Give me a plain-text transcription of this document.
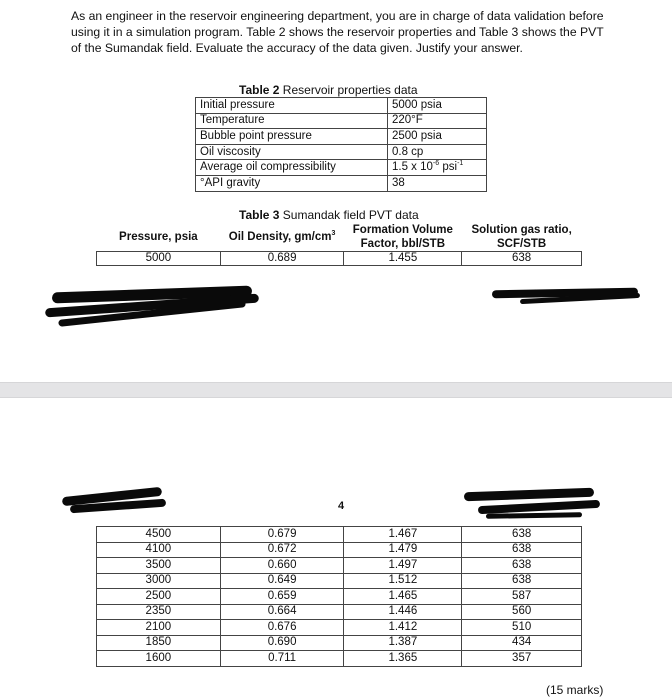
As an engineer in the reservoir engineering department, you are in charge of data validation before using it in a simulation program. Table 2 shows the reservoir properties and Table 3 shows the PVT of the Sumandak field. Evaluate the accuracy of the data given. Justify your answer.

Table 2 Reservoir properties data
Initial pressure	5000 psia
Temperature	220°F
Bubble point pressure	2500 psia
Oil viscosity	0.8 cp
Average oil compressibility	1.5 x $10^{-6}$ psi$^{-1}$
°API gravity	38
Table 3 Sumandak field PVT data
Pressure, psia	Oil Density, $gm/cm^3$	Formation Volume Factor, bbl/STB	Solution gas ratio, SCF/STB
5000	0.689	1.455	638
4
4500	0.679	1.467	638
4100	0.672	1.479	638
3500	0.660	1.497	638
3000	0.649	1.512	638
2500	0.659	1.465	587
2350	0.664	1.446	560
2100	0.676	1.412	510
1850	0.690	1.387	434
1600	0.711	1.365	357
(15 marks)
